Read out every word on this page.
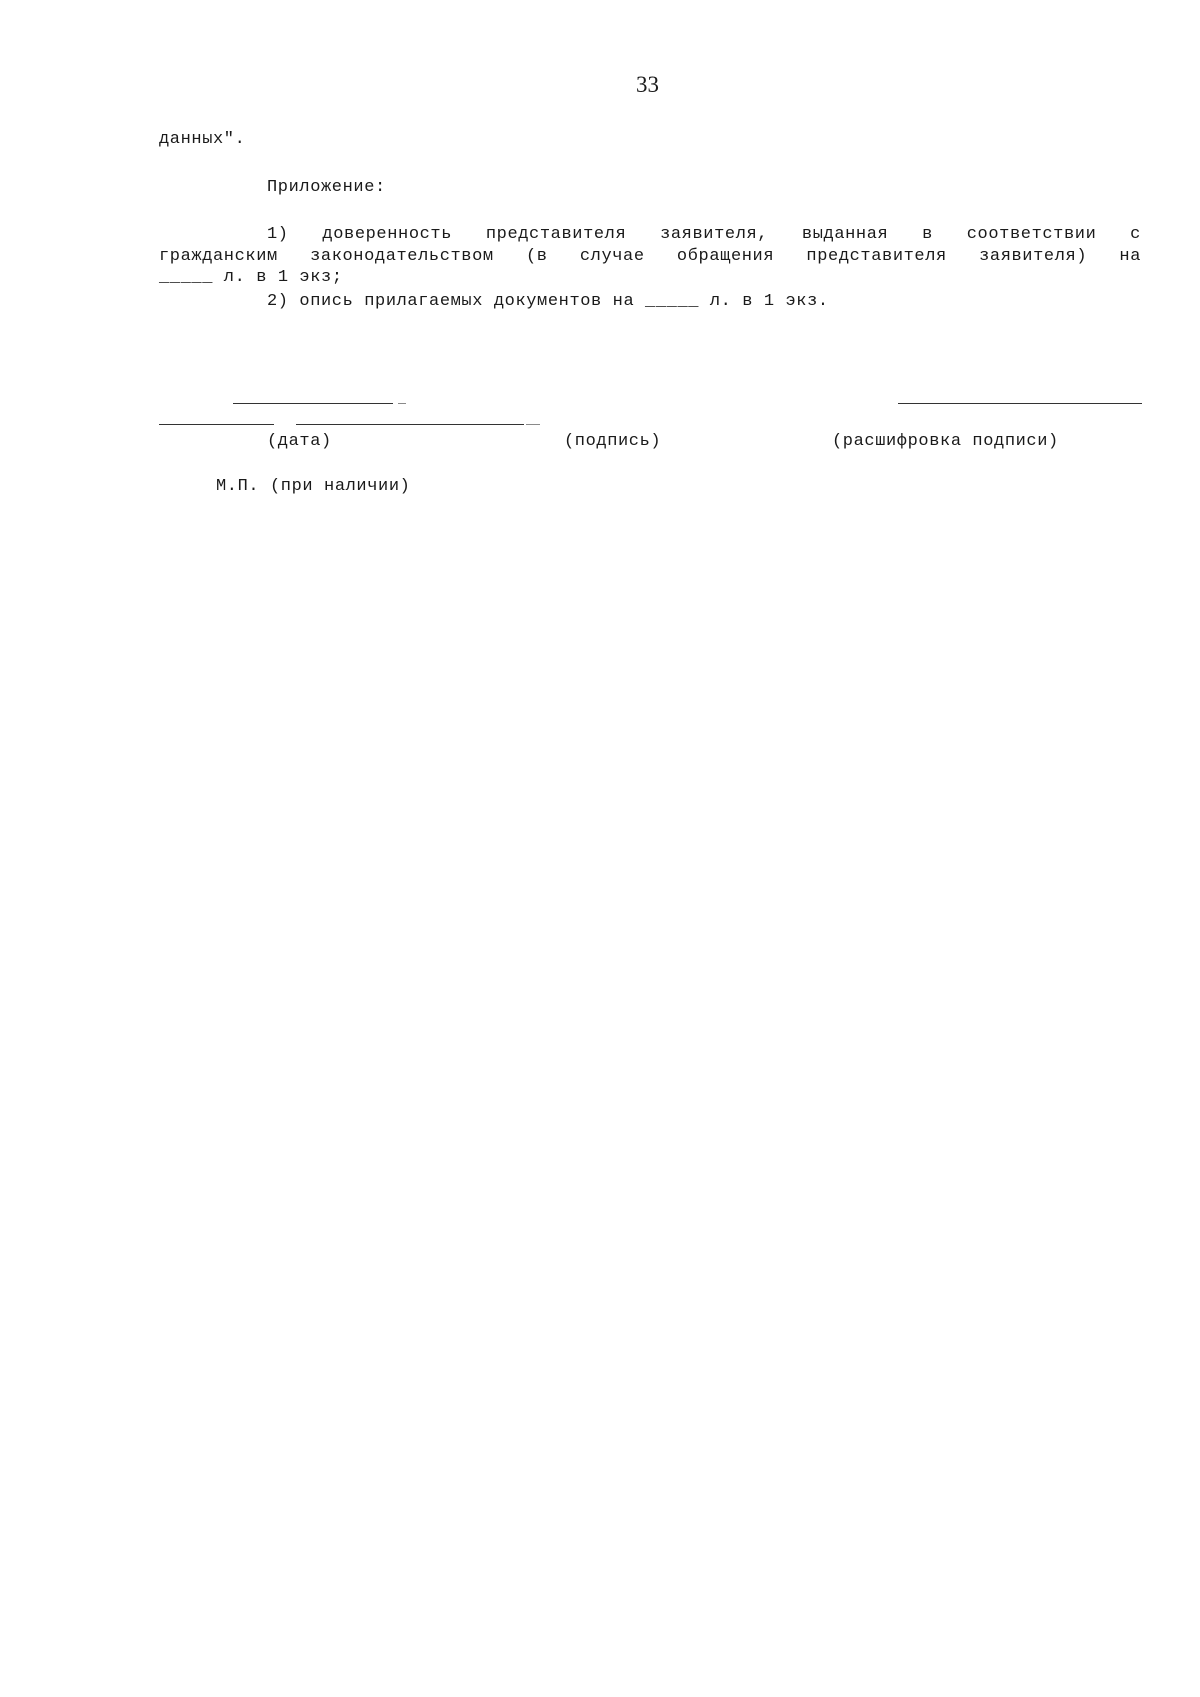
33
данных".
Приложение:
1) доверенность представителя заявителя, выданная в соответствии с
гражданским законодательством (в случае обращения представителя заявителя) на
_____ л. в 1 экз;
2) опись прилагаемых документов на _____ л. в 1 экз.
(дата)	(подпись)	(расшифровка подписи)
М.П. (при наличии)
